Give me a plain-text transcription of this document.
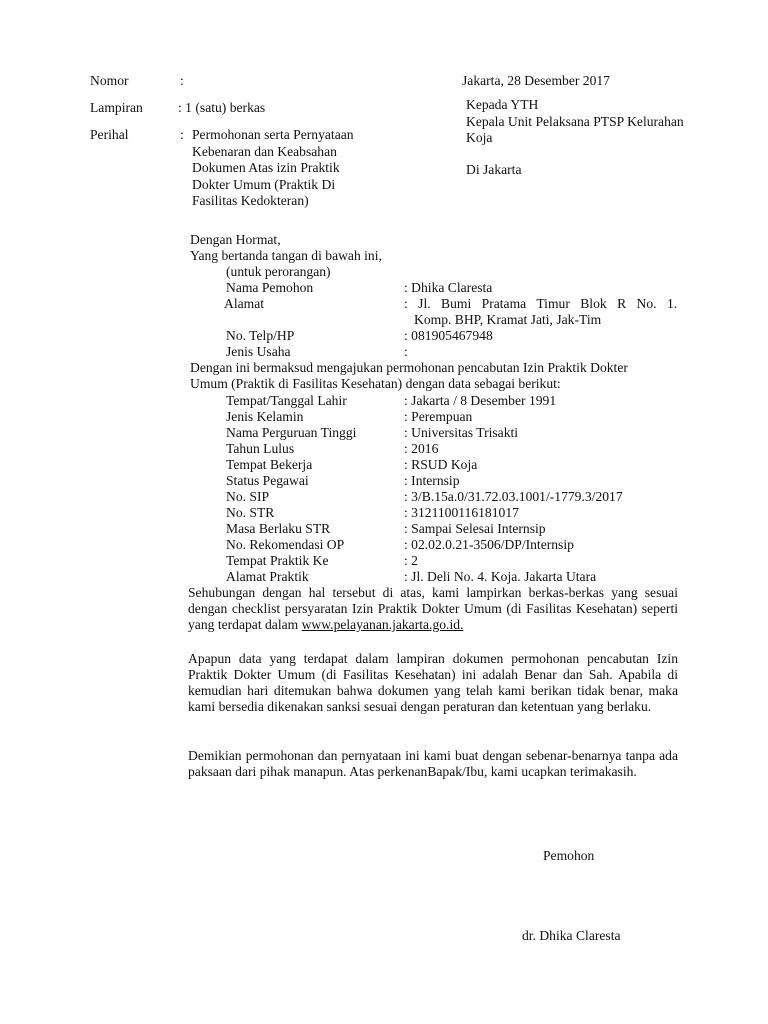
Nomor	:
Lampiran	: 1 (satu) berkas
Perihal	: Permohonan serta Pernyataan
Kebenaran dan Keabsahan
Dokumen Atas izin Praktik
Dokter Umum (Praktik Di
Fasilitas Kedokteran)
Jakarta, 28 Desember 2017
Kepada YTH
Kepala Unit Pelaksana PTSP Kelurahan
Koja
Di Jakarta
Dengan Hormat,
Yang bertanda tangan di bawah ini,
(untuk perorangan)
Nama Pemohon	: Dhika Claresta
Alamat	: Jl. Bumi Pratama Timur Blok R No. 1.
Komp. BHP, Kramat Jati, Jak-Tim
No. Telp/HP	: 081905467948
Jenis Usaha	:
Dengan ini bermaksud mengajukan permohonan pencabutan Izin Praktik Dokter
Umum (Praktik di Fasilitas Kesehatan) dengan data sebagai berikut:
Tempat/Tanggal Lahir	: Jakarta / 8 Desember 1991
Jenis Kelamin	: Perempuan
Nama Perguruan Tinggi	: Universitas Trisakti
Tahun Lulus	: 2016
Tempat Bekerja	: RSUD Koja
Status Pegawai	: Internsip
No. SIP	: 3/B.15a.0/31.72.03.1001/-1779.3/2017
No. STR	: 3121100116181017
Masa Berlaku STR	: Sampai Selesai Internsip
No. Rekomendasi OP	: 02.02.0.21-3506/DP/Internsip
Tempat Praktik Ke	: 2
Alamat Praktik	: Jl. Deli No. 4. Koja. Jakarta Utara
Sehubungan dengan hal tersebut di atas, kami lampirkan berkas-berkas yang sesuai dengan checklist persyaratan Izin Praktik Dokter Umum (di Fasilitas Kesehatan) seperti yang terdapat dalam www.pelayanan.jakarta.go.id.
Apapun data yang terdapat dalam lampiran dokumen permohonan pencabutan Izin Praktik Dokter Umum (di Fasilitas Kesehatan) ini adalah Benar dan Sah. Apabila di kemudian hari ditemukan bahwa dokumen yang telah kami berikan tidak benar, maka kami bersedia dikenakan sanksi sesuai dengan peraturan dan ketentuan yang berlaku.
Demikian permohonan dan pernyataan ini kami buat dengan sebenar-benarnya tanpa ada paksaan dari pihak manapun. Atas perkenanBapak/Ibu, kami ucapkan terimakasih.
Pemohon
dr. Dhika Claresta
